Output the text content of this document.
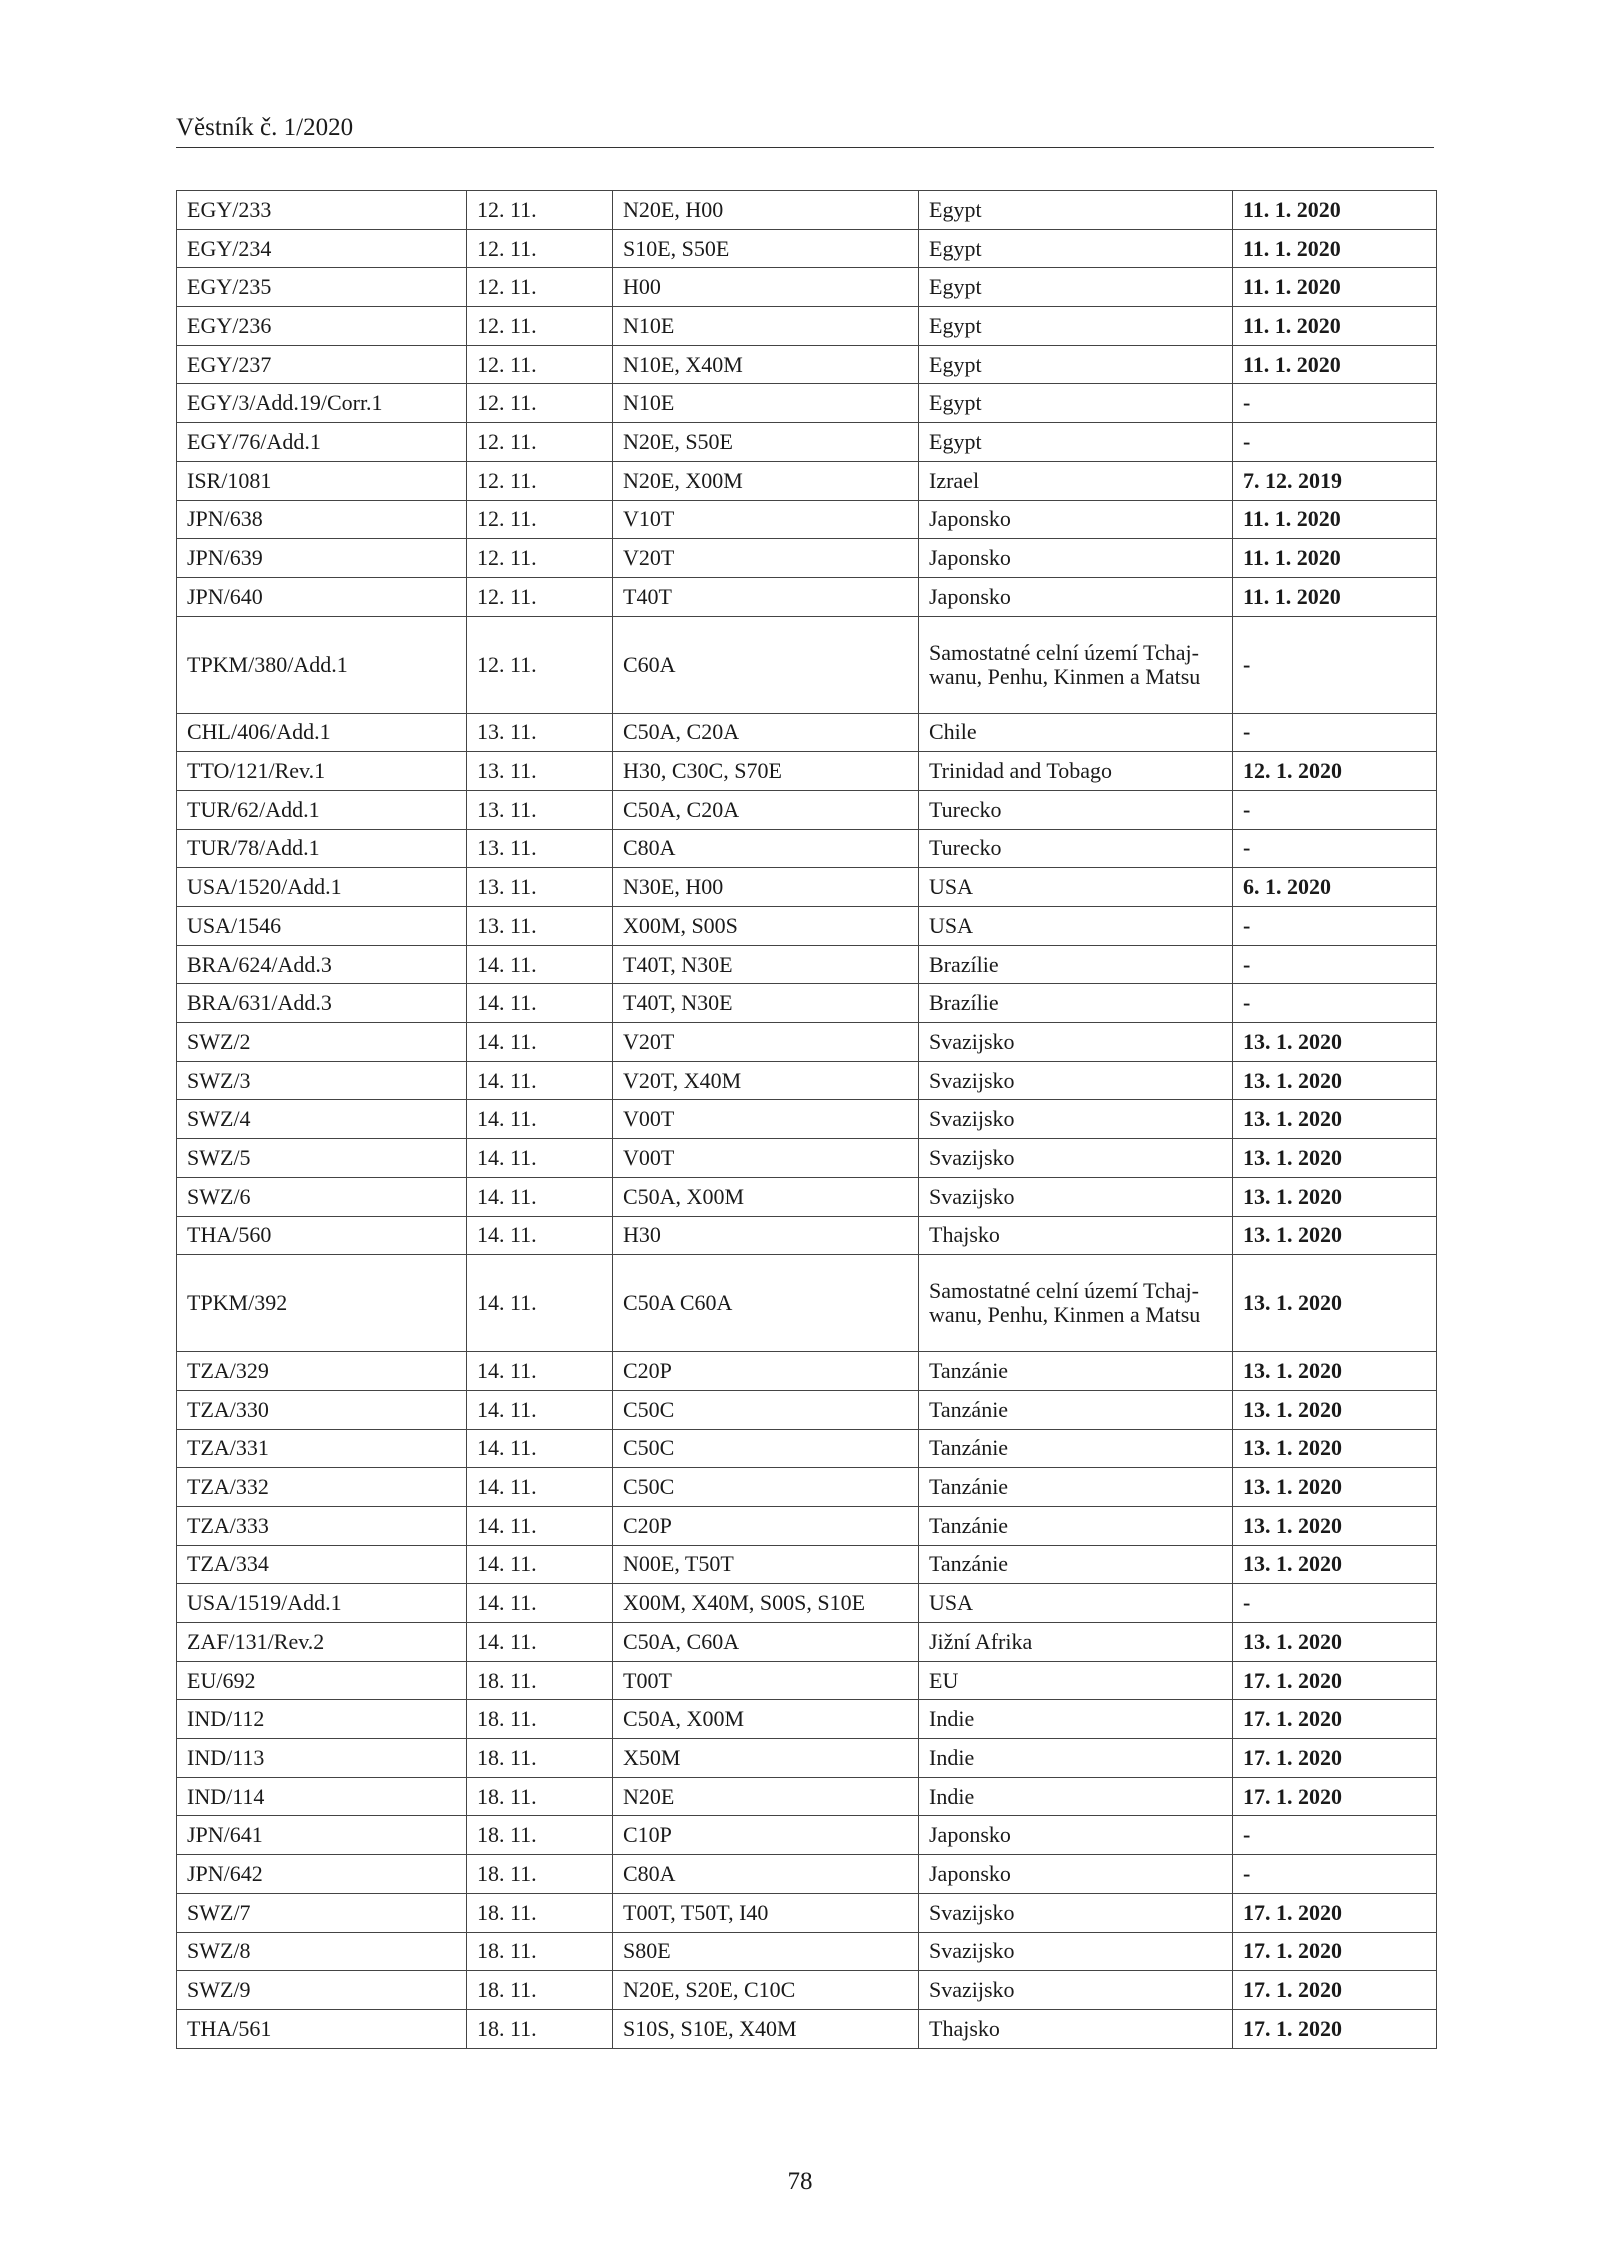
Věstník č. 1/2020
EGY/233	12. 11.	N20E, H00	Egypt	11. 1. 2020
EGY/234	12. 11.	S10E, S50E	Egypt	11. 1. 2020
EGY/235	12. 11.	H00	Egypt	11. 1. 2020
EGY/236	12. 11.	N10E	Egypt	11. 1. 2020
EGY/237	12. 11.	N10E, X40M	Egypt	11. 1. 2020
EGY/3/Add.19/Corr.1	12. 11.	N10E	Egypt	-
EGY/76/Add.1	12. 11.	N20E, S50E	Egypt	-
ISR/1081	12. 11.	N20E, X00M	Izrael	7. 12. 2019
JPN/638	12. 11.	V10T	Japonsko	11. 1. 2020
JPN/639	12. 11.	V20T	Japonsko	11. 1. 2020
JPN/640	12. 11.	T40T	Japonsko	11. 1. 2020
TPKM/380/Add.1	12. 11.	C60A	Samostatné celní území Tchaj-wanu, Penhu, Kinmen a Matsu	-
CHL/406/Add.1	13. 11.	C50A, C20A	Chile	-
TTO/121/Rev.1	13. 11.	H30, C30C, S70E	Trinidad and Tobago	12. 1. 2020
TUR/62/Add.1	13. 11.	C50A, C20A	Turecko	-
TUR/78/Add.1	13. 11.	C80A	Turecko	-
USA/1520/Add.1	13. 11.	N30E, H00	USA	6. 1. 2020
USA/1546	13. 11.	X00M, S00S	USA	-
BRA/624/Add.3	14. 11.	T40T, N30E	Brazílie	-
BRA/631/Add.3	14. 11.	T40T, N30E	Brazílie	-
SWZ/2	14. 11.	V20T	Svazijsko	13. 1. 2020
SWZ/3	14. 11.	V20T, X40M	Svazijsko	13. 1. 2020
SWZ/4	14. 11.	V00T	Svazijsko	13. 1. 2020
SWZ/5	14. 11.	V00T	Svazijsko	13. 1. 2020
SWZ/6	14. 11.	C50A, X00M	Svazijsko	13. 1. 2020
THA/560	14. 11.	H30	Thajsko	13. 1. 2020
TPKM/392	14. 11.	C50A C60A	Samostatné celní území Tchaj-wanu, Penhu, Kinmen a Matsu	13. 1. 2020
TZA/329	14. 11.	C20P	Tanzánie	13. 1. 2020
TZA/330	14. 11.	C50C	Tanzánie	13. 1. 2020
TZA/331	14. 11.	C50C	Tanzánie	13. 1. 2020
TZA/332	14. 11.	C50C	Tanzánie	13. 1. 2020
TZA/333	14. 11.	C20P	Tanzánie	13. 1. 2020
TZA/334	14. 11.	N00E, T50T	Tanzánie	13. 1. 2020
USA/1519/Add.1	14. 11.	X00M, X40M, S00S, S10E	USA	-
ZAF/131/Rev.2	14. 11.	C50A, C60A	Jižní Afrika	13. 1. 2020
EU/692	18. 11.	T00T	EU	17. 1. 2020
IND/112	18. 11.	C50A, X00M	Indie	17. 1. 2020
IND/113	18. 11.	X50M	Indie	17. 1. 2020
IND/114	18. 11.	N20E	Indie	17. 1. 2020
JPN/641	18. 11.	C10P	Japonsko	-
JPN/642	18. 11.	C80A	Japonsko	-
SWZ/7	18. 11.	T00T, T50T, I40	Svazijsko	17. 1. 2020
SWZ/8	18. 11.	S80E	Svazijsko	17. 1. 2020
SWZ/9	18. 11.	N20E, S20E, C10C	Svazijsko	17. 1. 2020
THA/561	18. 11.	S10S, S10E, X40M	Thajsko	17. 1. 2020
78
